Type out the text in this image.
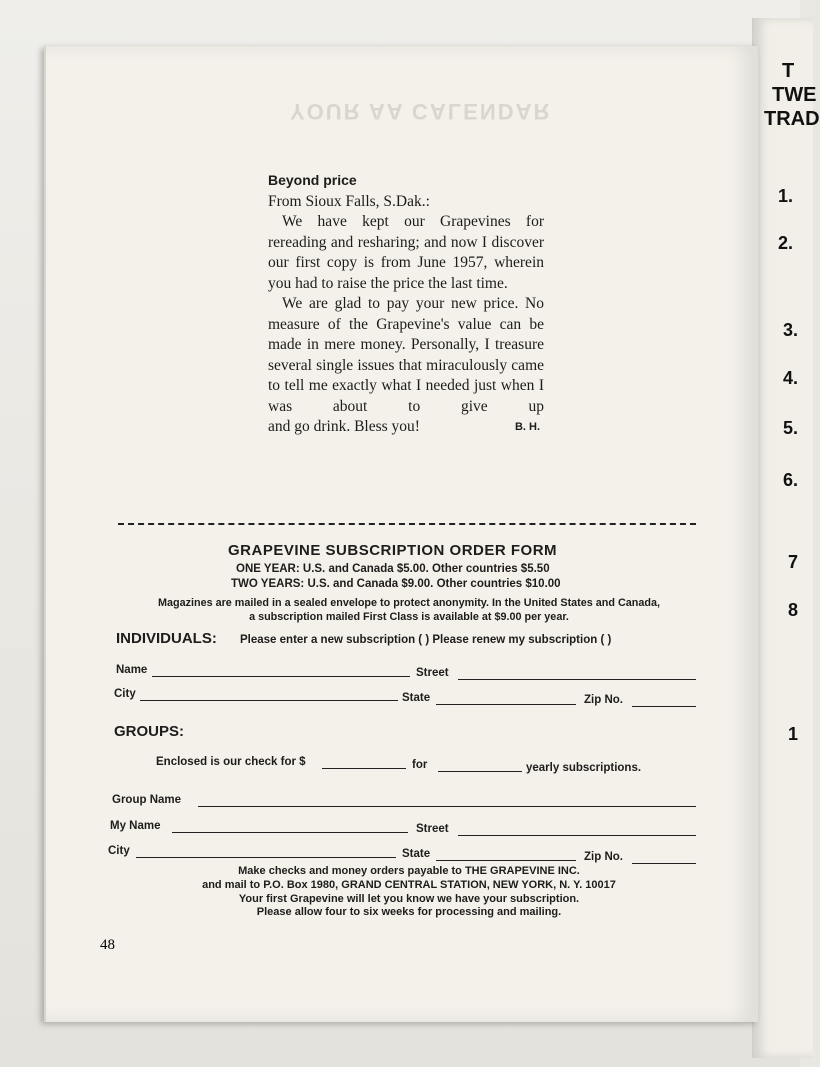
YOUR AA CALENDAR
T
TWE
TRAD
1.
2.
3.
4.
5.
6.
7
8
1

Beyond price

From Sioux Falls, S.Dak.:

We have kept our Grapevines for rereading and resharing; and now I discover our first copy is from June 1957, wherein you had to raise the price the last time.

We are glad to pay your new price. No measure of the Grapevine's value can be made in mere money. Personally, I treasure several single issues that miraculously came to tell me exactly what I needed just when I was about to give up

and go drink. Bless you!	B. H.

GRAPEVINE SUBSCRIPTION ORDER FORM
ONE YEAR: U.S. and Canada $5.00. Other countries $5.50
TWO YEARS: U.S. and Canada $9.00. Other countries $10.00
Magazines are mailed in a sealed envelope to protect anonymity. In the United States and Canada,
a subscription mailed First Class is available at $9.00 per year.
INDIVIDUALS: Please enter a new subscription ( ) Please renew my subscription ( )
Name	Street
City	State	Zip No.
GROUPS:
Enclosed is our check for $	for	yearly subscriptions.
Group Name
My Name	Street
City	State	Zip No.
Make checks and money orders payable to THE GRAPEVINE INC.
and mail to P.O. Box 1980, GRAND CENTRAL STATION, NEW YORK, N. Y. 10017
Your first Grapevine will let you know we have your subscription.
Please allow four to six weeks for processing and mailing.
48
